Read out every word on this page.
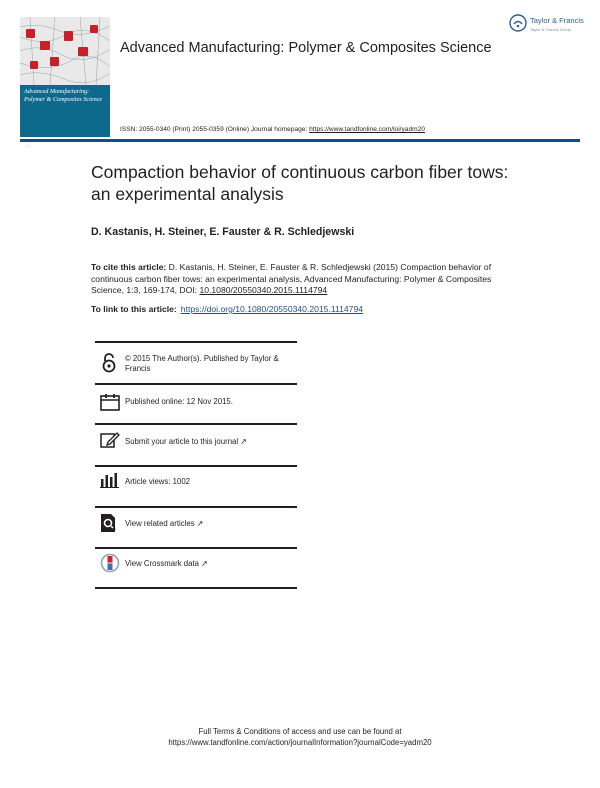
Advanced Manufacturing: Polymer & Composites Science
T&F
Advanced Manufacturing: Polymer & Composites Science
Taylor & Francis
Taylor & Francis Group
ISSN: 2055-0340 (Print) 2055-0359 (Online) Journal homepage: https://www.tandfonline.com/loi/yadm20
Compaction behavior of continuous carbon fiber tows: an experimental analysis
D. Kastanis, H. Steiner, E. Fauster & R. Schledjewski
To cite this article: D. Kastanis, H. Steiner, E. Fauster & R. Schledjewski (2015) Compaction behavior of continuous carbon fiber tows: an experimental analysis, Advanced Manufacturing: Polymer & Composites Science, 1:3, 169-174, DOI: 10.1080/20550340.2015.1114794
To link to this article: https://doi.org/10.1080/20550340.2015.1114794
© 2015 The Author(s). Published by Taylor & Francis
Published online: 12 Nov 2015.
Submit your article to this journal ↗
Article views: 1002
View related articles ↗
View Crossmark data ↗
Full Terms & Conditions of access and use can be found at
https://www.tandfonline.com/action/journalInformation?journalCode=yadm20
